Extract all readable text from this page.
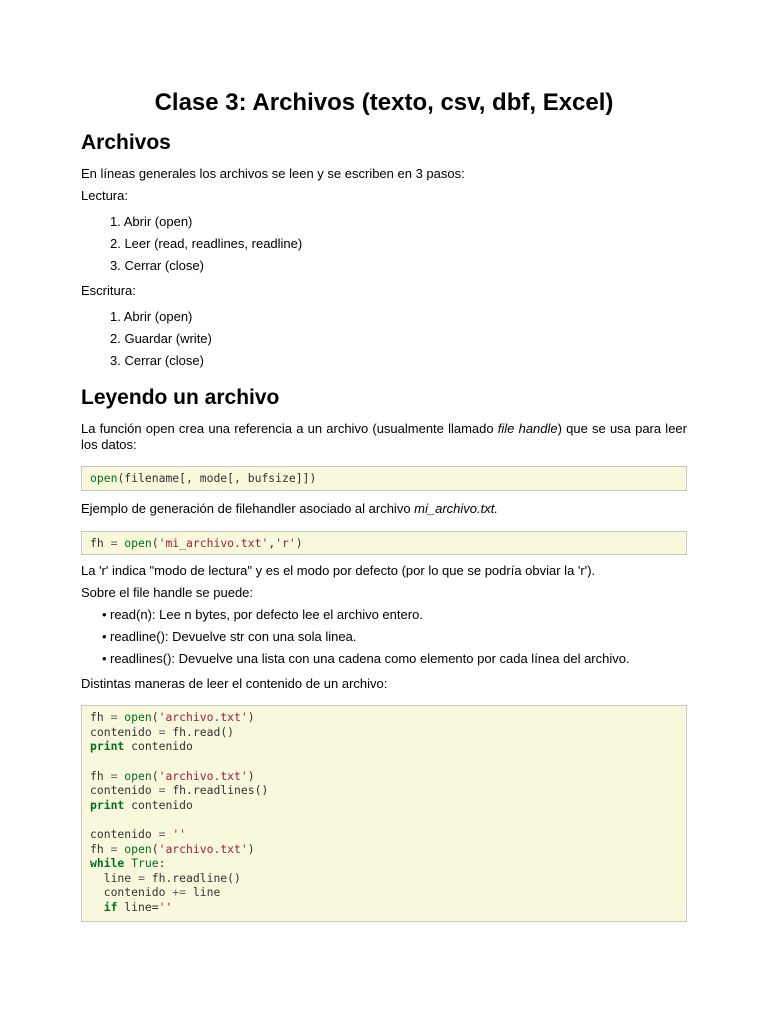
Clase 3: Archivos (texto, csv, dbf, Excel)
Archivos

En líneas generales los archivos se leen y se escriben en 3 pasos:

Lectura:

1. Abrir (open)
2. Leer (read, readlines, readline)
3. Cerrar (close)

Escritura:

1. Abrir (open)
2. Guardar (write)
3. Cerrar (close)
Leyendo un archivo

La función open crea una referencia a un archivo (usualmente llamado file handle) que se usa para leer
los datos:

open(filename[, mode[, bufsize]])

Ejemplo de generación de filehandler asociado al archivo mi_archivo.txt.

fh = open('mi_archivo.txt','r')

La 'r' indica "modo de lectura" y es el modo por defecto (por lo que se podría obviar la 'r').

Sobre el file handle se puede:

• read(n): Lee n bytes, por defecto lee el archivo entero.
• readline(): Devuelve str con una sola linea.
• readlines(): Devuelve una lista con una cadena como elemento por cada línea del archivo.

Distintas maneras de leer el contenido de un archivo:

fh = open('archivo.txt')
contenido = fh.read()
print contenido

fh = open('archivo.txt')
contenido = fh.readlines()
print contenido

contenido = ''
fh = open('archivo.txt')
while True:
line = fh.readline()
contenido += line
if line=''
